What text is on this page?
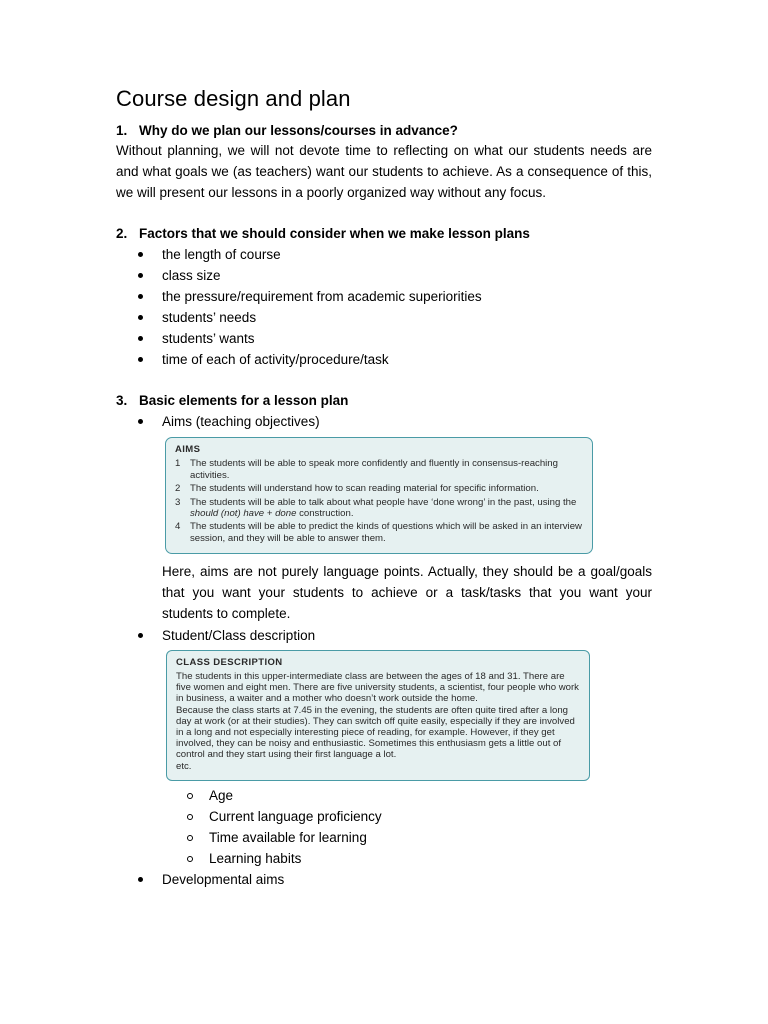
Course design and plan
1. Why do we plan our lessons/courses in advance?

Without planning, we will not devote time to reflecting on what our students needs are and what goals we (as teachers) want our students to achieve. As a consequence of this, we will present our lessons in a poorly organized way without any focus.

2. Factors that we should consider when we make lesson plans
the length of course
class size
the pressure/requirement from academic superiorities
students’ needs
students’ wants
time of each of activity/procedure/task
3. Basic elements for a lesson plan
Aims (teaching objectives)
AIMS
1	The students will be able to speak more confidently and fluently in consensus-reaching activities.
2	The students will understand how to scan reading material for specific information.
3	The students will be able to talk about what people have ‘done wrong’ in the past, using the should (not) have + done construction.
4	The students will be able to predict the kinds of questions which will be asked in an interview session, and they will be able to answer them.

Here, aims are not purely language points. Actually, they should be a goal/goals that you want your students to achieve or a task/tasks that you want your students to complete.

Student/Class description
CLASS DESCRIPTION

The students in this upper-intermediate class are between the ages of 18 and 31. There are five women and eight men. There are five university students, a scientist, four people who work in business, a waiter and a mother who doesn’t work outside the home.

Because the class starts at 7.45 in the evening, the students are often quite tired after a long day at work (or at their studies). They can switch off quite easily, especially if they are involved in a long and not especially interesting piece of reading, for example. However, if they get involved, they can be noisy and enthusiastic. Sometimes this enthusiasm gets a little out of control and they start using their first language a lot.

etc.

Age
Current language proficiency
Time available for learning
Learning habits
Developmental aims
